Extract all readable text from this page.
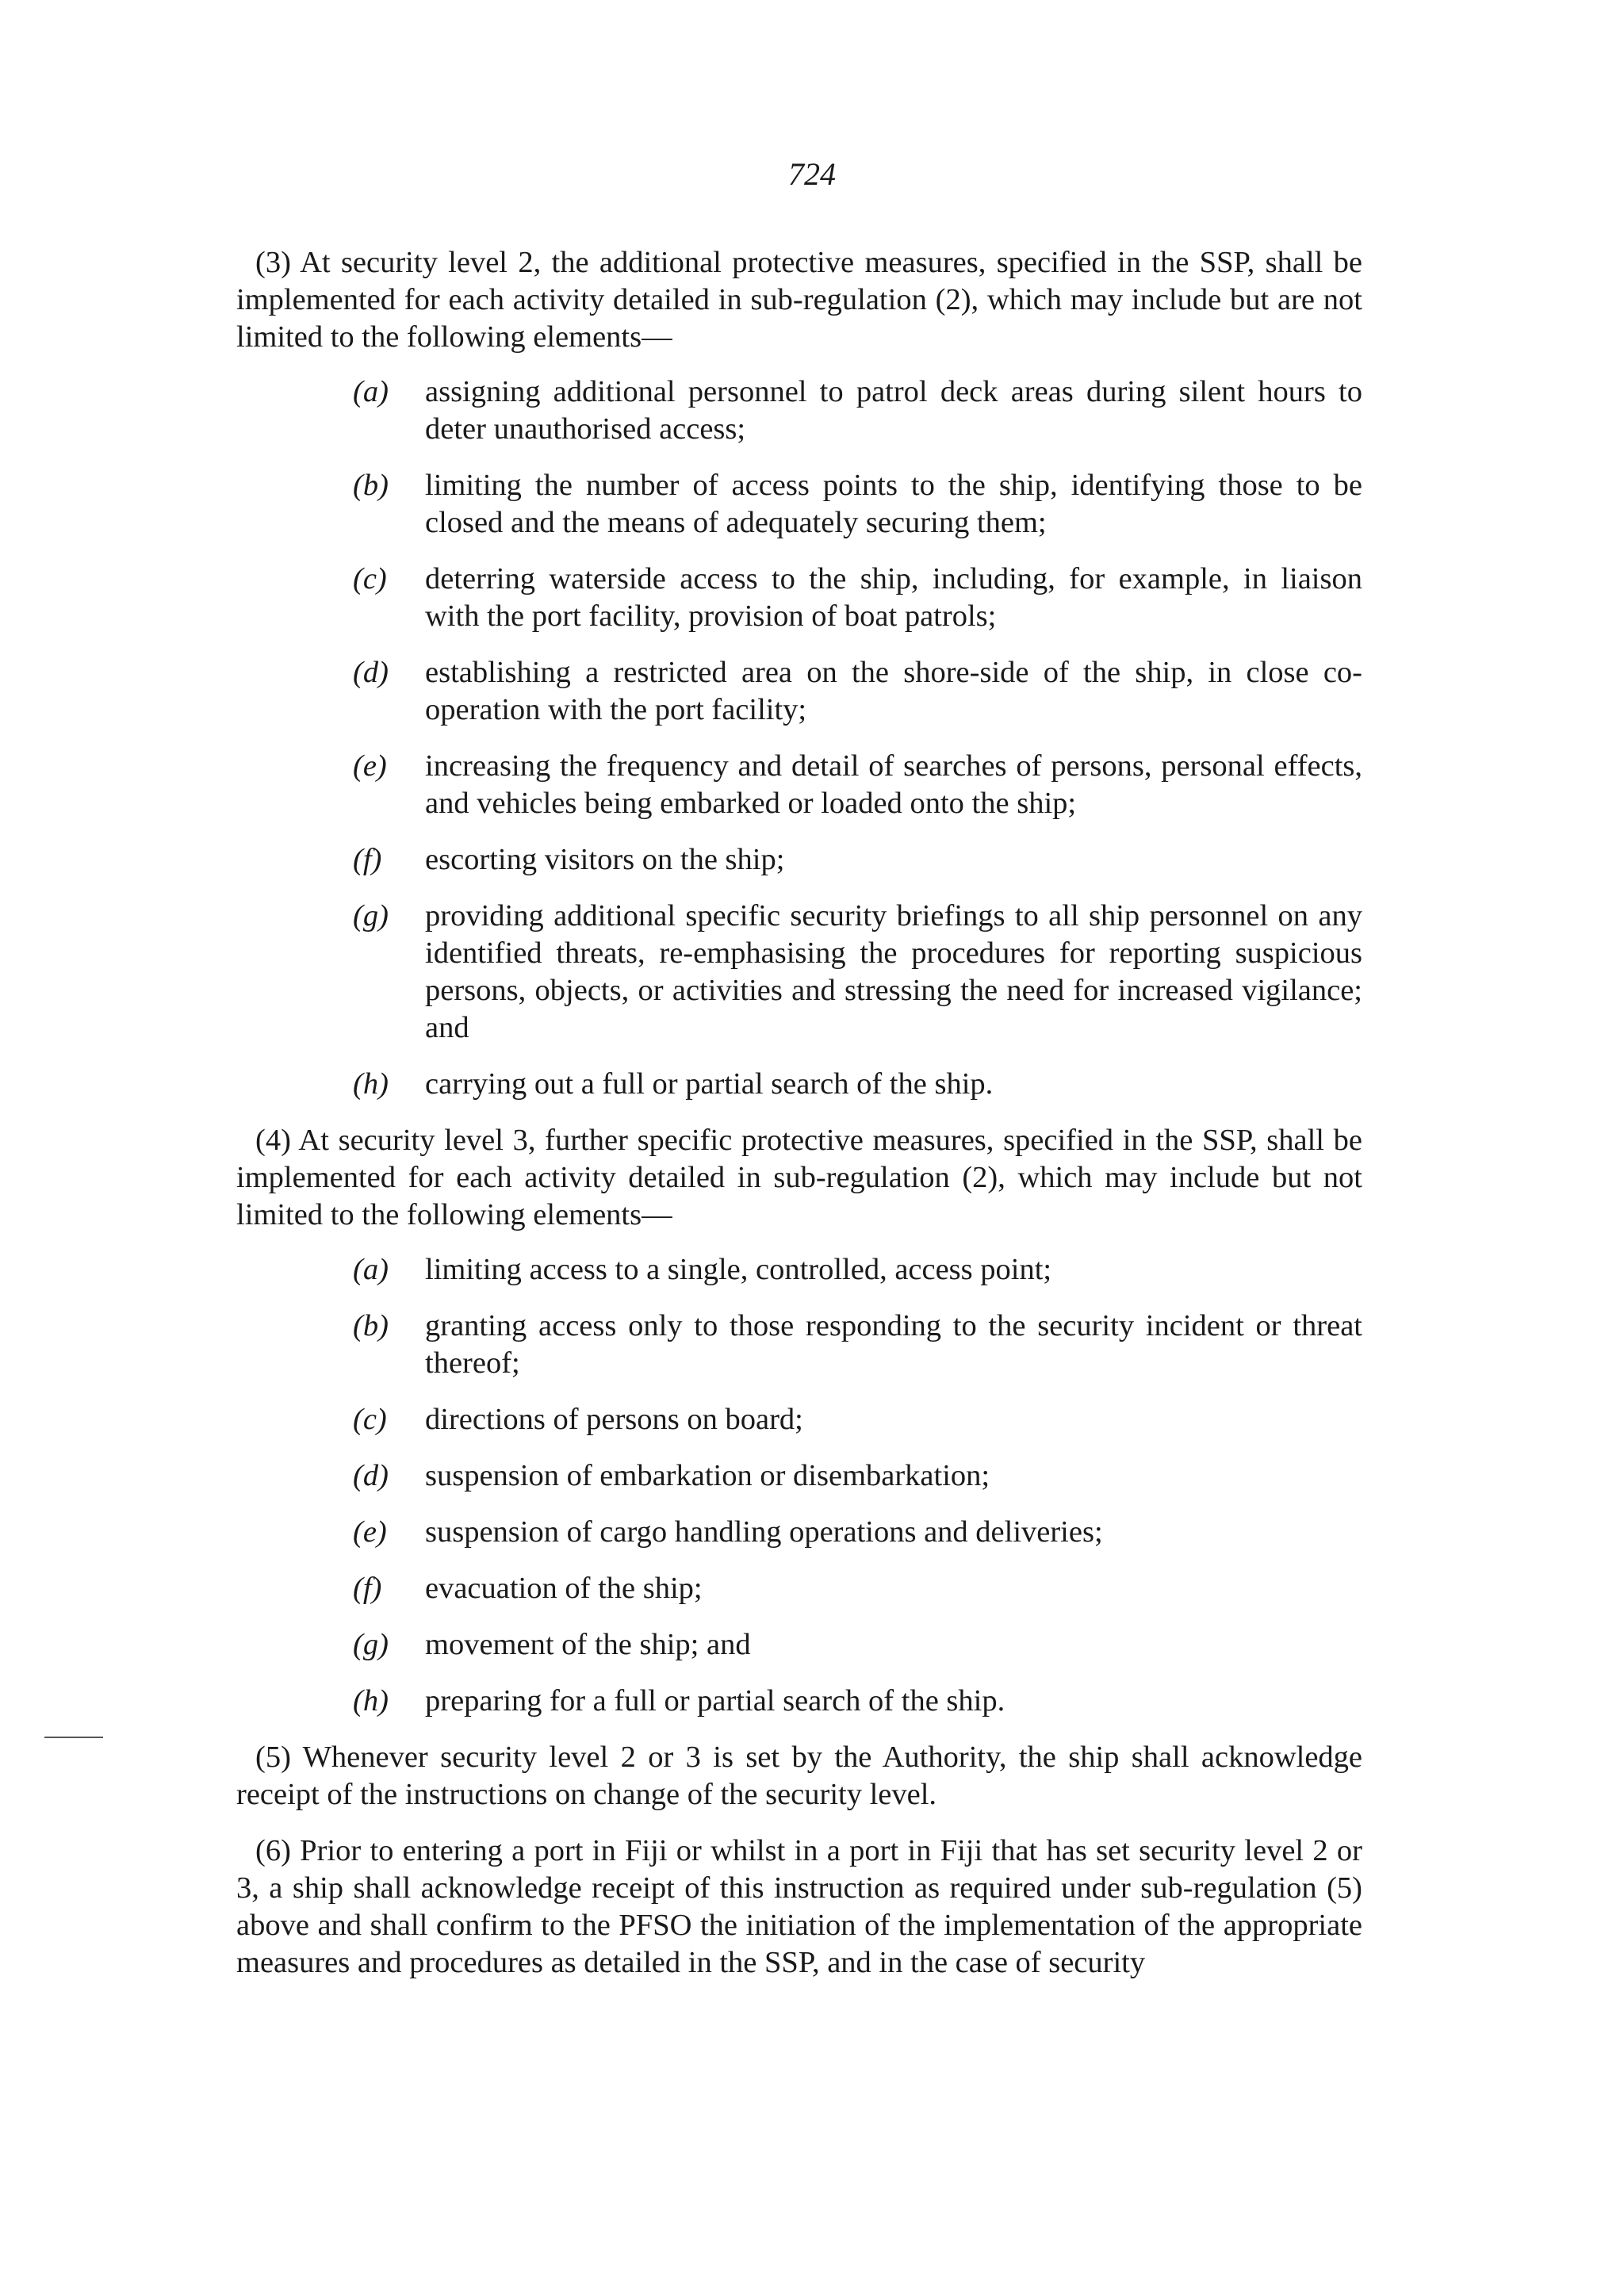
724

(3) At security level 2, the additional protective measures, specified in the SSP, shall be implemented for each activity detailed in sub-regulation (2), which may include but are not limited to the following elements—

(a) assigning additional personnel to patrol deck areas during silent hours to deter unauthorised access;
(b) limiting the number of access points to the ship, identifying those to be closed and the means of adequately securing them;
(c) deterring waterside access to the ship, including, for example, in liaison with the port facility, provision of boat patrols;
(d) establishing a restricted area on the shore-side of the ship, in close co-operation with the port facility;
(e) increasing the frequency and detail of searches of persons, personal effects, and vehicles being embarked or loaded onto the ship;
(f) escorting visitors on the ship;
(g) providing additional specific security briefings to all ship personnel on any identified threats, re-emphasising the procedures for reporting suspicious persons, objects, or activities and stressing the need for increased vigilance; and
(h) carrying out a full or partial search of the ship.

(4) At security level 3, further specific protective measures, specified in the SSP, shall be implemented for each activity detailed in sub-regulation (2), which may include but not limited to the following elements—

(a) limiting access to a single, controlled, access point;
(b) granting access only to those responding to the security incident or threat thereof;
(c) directions of persons on board;
(d) suspension of embarkation or disembarkation;
(e) suspension of cargo handling operations and deliveries;
(f) evacuation of the ship;
(g) movement of the ship; and
(h) preparing for a full or partial search of the ship.

(5) Whenever security level 2 or 3 is set by the Authority, the ship shall acknowledge receipt of the instructions on change of the security level.

(6) Prior to entering a port in Fiji or whilst in a port in Fiji that has set security level 2 or 3, a ship shall acknowledge receipt of this instruction as required under sub-regulation (5) above and shall confirm to the PFSO the initiation of the implementation of the appropriate measures and procedures as detailed in the SSP, and in the case of security
